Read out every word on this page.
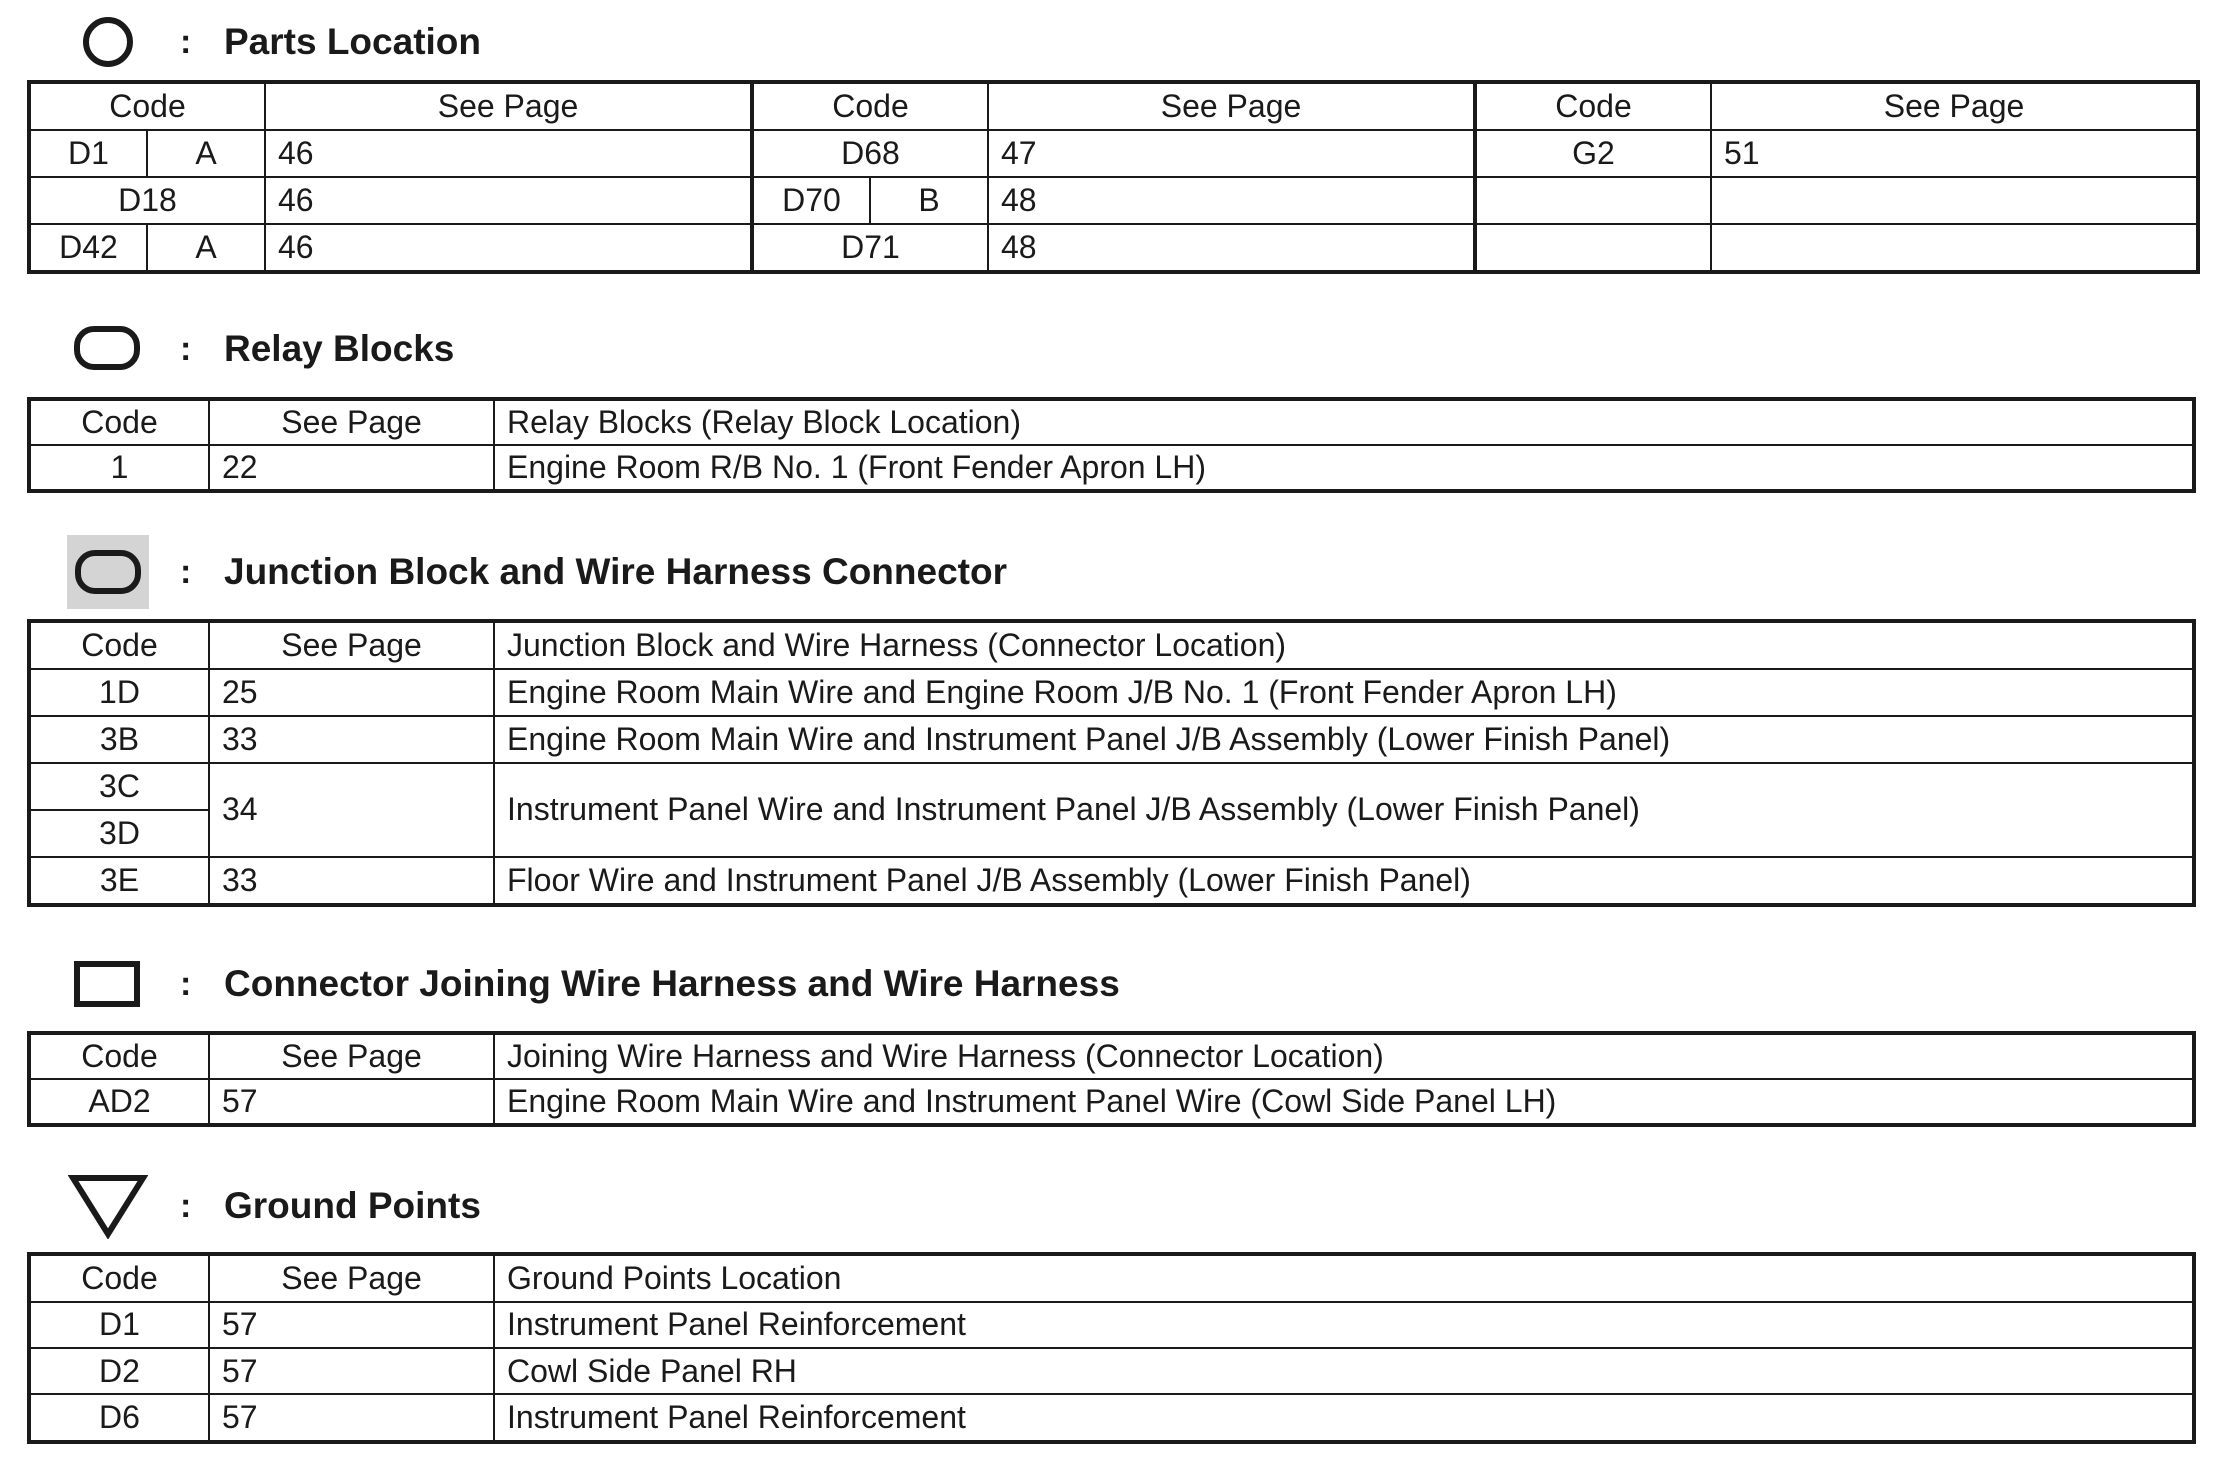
: Parts Location
Code		See Page	Code		See Page	Code	See Page
D1	A	46	D68		47	G2	51
D18		46	D70	B	48		
D42	A	46	D71		48		
: Relay Blocks
Code	See Page	Relay Blocks (Relay Block Location)
1	22	Engine Room R/B No. 1 (Front Fender Apron LH)
: Junction Block and Wire Harness Connector
Code	See Page	Junction Block and Wire Harness (Connector Location)
1D	25	Engine Room Main Wire and Engine Room J/B No. 1 (Front Fender Apron LH)
3B	33	Engine Room Main Wire and Instrument Panel J/B Assembly (Lower Finish Panel)
3C	34	Instrument Panel Wire and Instrument Panel J/B Assembly (Lower Finish Panel)
3D		
3E	33	Floor Wire and Instrument Panel J/B Assembly (Lower Finish Panel)
: Connector Joining Wire Harness and Wire Harness
Code	See Page	Joining Wire Harness and Wire Harness (Connector Location)
AD2	57	Engine Room Main Wire and Instrument Panel Wire (Cowl Side Panel LH)
: Ground Points
Code	See Page	Ground Points Location
D1	57	Instrument Panel Reinforcement
D2	57	Cowl Side Panel RH
D6	57	Instrument Panel Reinforcement
